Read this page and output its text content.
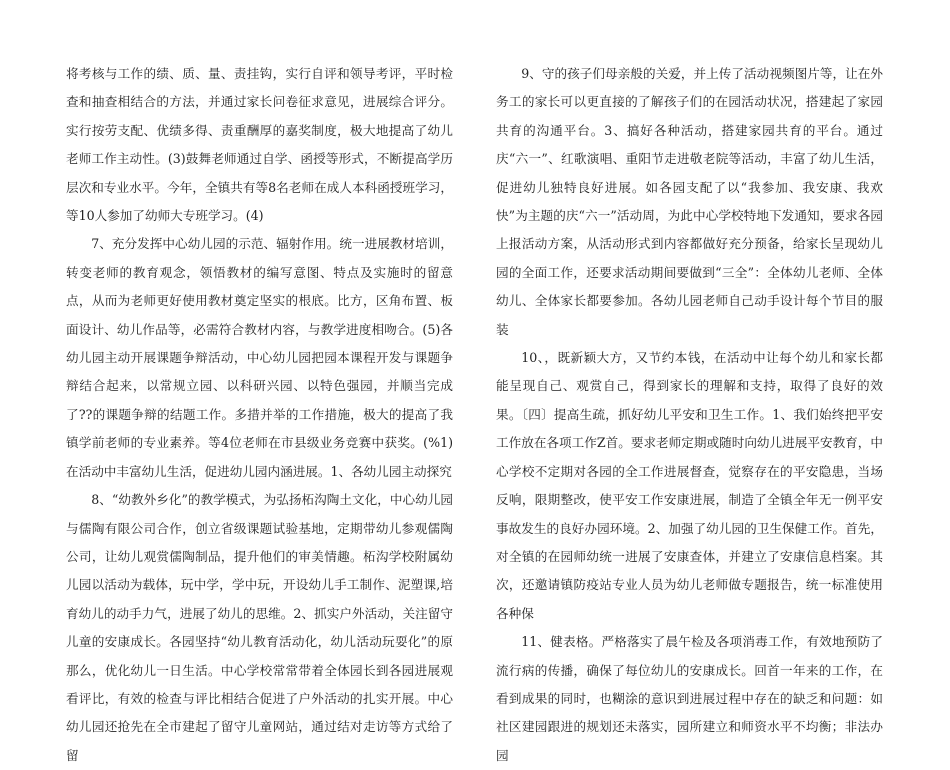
将考核与工作的绩、质、量、责挂钩，实行自评和领导考评，平时检查和抽查相结合的方法，并通过家长问卷征求意见，进展综合评分。实行按劳支配、优绩多得、责重酬厚的嘉奖制度，极大地提高了幼儿老师工作主动性。(3)鼓舞老师通过自学、函授等形式，不断提高学历层次和专业水平。今年，全镇共有等8名老师在成人本科函授班学习，等10人参加了幼师大专班学习。(4)

7、充分发挥中心幼儿园的示范、辐射作用。统一进展教材培训，转变老师的教育观念，领悟教材的编写意图、特点及实施时的留意点，从而为老师更好使用教材奠定坚实的根底。比方，区角布置、板面设计、幼儿作品等，必需符合教材内容，与教学进度相吻合。(5)各幼儿园主动开展课题争辩活动，中心幼儿园把园本课程开发与课题争辩结合起来，以常规立园、以科研兴园、以特色强园，并顺当完成了??的课题争辩的结题工作。多措并举的工作措施，极大的提高了我镇学前老师的专业素养。等4位老师在市县级业务竞赛中获奖。(%1)在活动中丰富幼儿生活，促进幼儿园内涵进展。1、各幼儿园主动探究

8、“幼教外乡化”的教学模式，为弘扬柘沟陶土文化，中心幼儿园与儒陶有限公司合作，创立省级课题试验基地，定期带幼儿参观儒陶公司，让幼儿观赏儒陶制品，提升他们的审美情趣。柘沟学校附属幼儿园以活动为载体，玩中学，学中玩，开设幼儿手工制作、泥塑课,培育幼儿的动手力气，进展了幼儿的思维。2、抓实户外活动，关注留守儿童的安康成长。各园坚持“幼儿教育活动化，幼儿活动玩耍化”的原那么，优化幼儿一日生活。中心学校常常带着全体园长到各园进展观看评比，有效的检查与评比相结合促进了户外活动的扎实开展。中心幼儿园还抢先在全市建起了留守儿童网站，通过结对走访等方式给了留

9、守的孩子们母亲般的关爱，并上传了活动视频图片等，让在外务工的家长可以更直接的了解孩子们的在园活动状况，搭建起了家园共育的沟通平台。3、搞好各种活动，搭建家园共育的平台。通过庆“六一”、红歌演唱、重阳节走进敬老院等活动，丰富了幼儿生活，促进幼儿独特良好进展。如各园支配了以“我参加、我安康、我欢快”为主题的庆“六一”活动周，为此中心学校特地下发通知，要求各园上报活动方案，从活动形式到内容都做好充分预备，给家长呈现幼儿园的全面工作，还要求活动期间要做到“三全”：全体幼儿老师、全体幼儿、全体家长都要参加。各幼儿园老师自己动手设计每个节目的服装

10、，既新颖大方，又节约本钱，在活动中让每个幼儿和家长都能呈现自己、观赏自己，得到家长的理解和支持，取得了良好的效果。〔四〕提高生疏，抓好幼儿平安和卫生工作。1、我们始终把平安工作放在各项工作Z首。要求老师定期或随时向幼儿进展平安教育，中心学校不定期对各园的全工作进展督查，觉察存在的平安隐患，当场反响，限期整改，使平安工作安康进展，制造了全镇全年无一例平安事故发生的良好办园环境。2、加强了幼儿园的卫生保健工作。首先，对全镇的在园师幼统一进展了安康查体，并建立了安康信息档案。其次，还邀请镇防疫站专业人员为幼儿老师做专题报告，统一标准使用各种保

11、健表格。严格落实了晨午检及各项消毒工作，有效地预防了流行病的传播，确保了每位幼儿的安康成长。回首一年来的工作，在看到成果的同时，也糊涂的意识到进展过程中存在的缺乏和问题：如社区建园跟进的规划还未落实，园所建立和师资水平不均衡；非法办园
